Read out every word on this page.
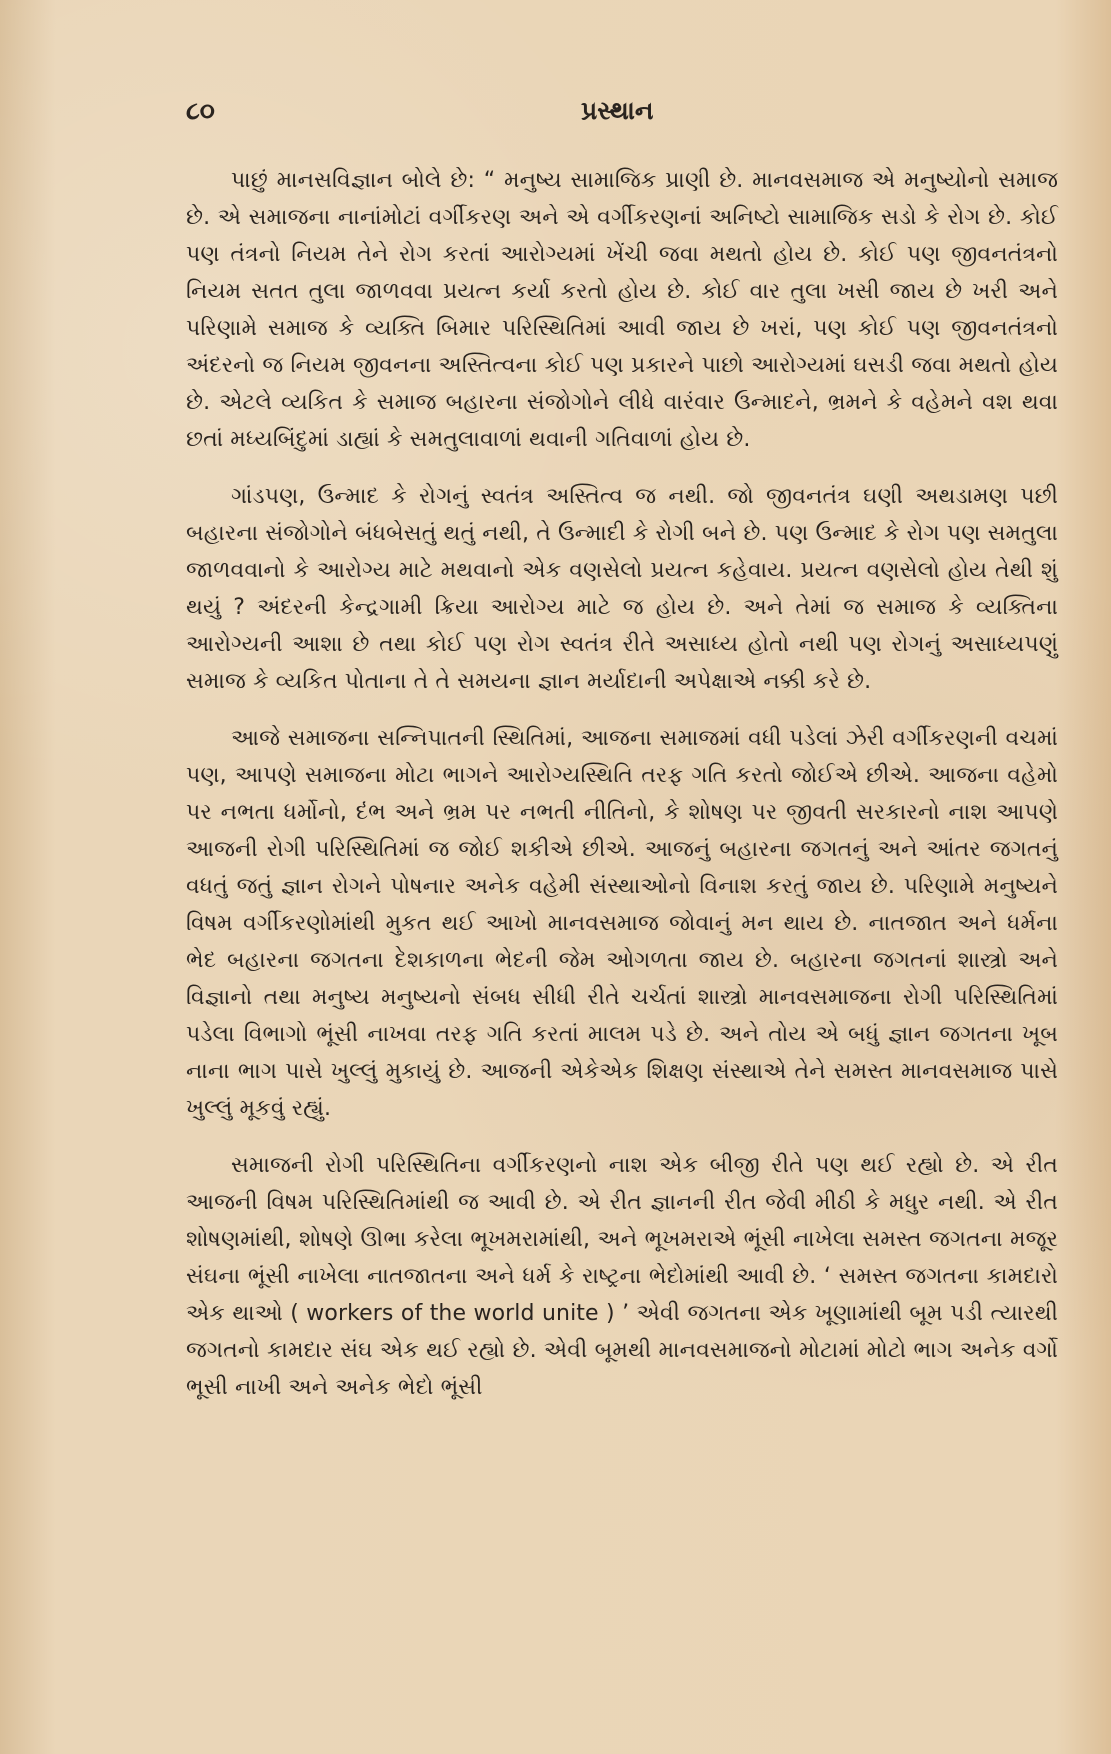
૮૦	પ્રસ્થાન

પાછું માનસવિજ્ઞાન બોલે છે: “ મનુષ્ય સામાજિક પ્રાણી છે. માનવસમાજ એ મનુષ્યોનો સમાજ છે. એ સમાજના નાનાંમોટાં વર્ગીકરણ અને એ વર્ગીકરણનાં અનિષ્ટો સામાજિક સડો કે રોગ છે. કોઈ પણ તંત્રનો નિયમ તેને રોગ કરતાં આરોગ્યમાં ખેંચી જવા મથતો હોય છે. કોઈ પણ જીવનતંત્રનો નિયમ સતત તુલા જાળવવા પ્રયત્ન કર્યા કરતો હોય છે. કોઈ વાર તુલા ખસી જાય છે ખરી અને પરિણામે સમાજ કે વ્યક્તિ બિમાર પરિસ્થિતિમાં આવી જાય છે ખરાં, પણ કોઈ પણ જીવનતંત્રનો અંદરનો જ નિયમ જીવનના અસ્તિત્વના કોઈ પણ પ્રકારને પાછો આરોગ્યમાં ઘસડી જવા મથતો હોય છે. એટલે વ્યકિત કે સમાજ બહારના સંજોગોને લીધે વારંવાર ઉન્માદને, ભ્રમને કે વહેમને વશ થવા છતાં મધ્યબિંદુમાં ડાહ્યાં કે સમતુલાવાળાં થવાની ગતિવાળાં હોય છે.

ગાંડપણ, ઉન્માદ કે રોગનું સ્વતંત્ર અસ્તિત્વ જ નથી. જો જીવનતંત્ર ઘણી અથડામણ પછી બહારના સંજોગોને બંધબેસતું થતું નથી, તે ઉન્માદી કે રોગી બને છે. પણ ઉન્માદ કે રોગ પણ સમતુલા જાળવવાનો કે આરોગ્ય માટે મથવાનો એક વણસેલો પ્રયત્ન કહેવાય. પ્રયત્ન વણસેલો હોય તેથી શું થયું ? અંદરની કેન્દ્રગામી ક્રિયા આરોગ્ય માટે જ હોય છે. અને તેમાં જ સમાજ કે વ્યક્તિના આરોગ્યની આશા છે તથા કોઈ પણ રોગ સ્વતંત્ર રીતે અસાધ્ય હોતો નથી પણ રોગનું અસાધ્યપણું સમાજ કે વ્યકિત પોતાના તે તે સમયના જ્ઞાન મર્યાદાની અપેક્ષાએ નક્કી કરે છે.

આજે સમાજના સન્નિપાતની સ્થિતિમાં, આજના સમાજમાં વધી પડેલાં ઝેરી વર્ગીકરણની વચમાં પણ, આપણે સમાજના મોટા ભાગને આરોગ્યસ્થિતિ તરફ ગતિ કરતો જોઈએ છીએ. આજના વહેમો પર નભતા ધર્મોનો, દંભ અને ભ્રમ પર નભતી નીતિનો, કે શોષણ પર જીવતી સરકારનો નાશ આપણે આજની રોગી પરિસ્થિતિમાં જ જોઈ શકીએ છીએ. આજનું બહારના જગતનું અને આંતર જગતનું વધતું જતું જ્ઞાન રોગને પોષનાર અનેક વહેમી સંસ્થાઓનો વિનાશ કરતું જાય છે. પરિણામે મનુષ્યને વિષમ વર્ગીકરણોમાંથી મુકત થઈ આખો માનવસમાજ જોવાનું મન થાય છે. નાતજાત અને ધર્મના ભેદ બહારના જગતના દેશકાળના ભેદની જેમ ઓગળતા જાય છે. બહારના જગતનાં શાસ્ત્રો અને વિજ્ઞાનો તથા મનુષ્ય મનુષ્યનો સંબધ સીધી રીતે ચર્ચતાં શાસ્ત્રો માનવસમાજના રોગી પરિસ્થિતિમાં પડેલા વિભાગો ભૂંસી નાખવા તરફ ગતિ કરતાં માલમ પડે છે. અને તોય એ બધું જ્ઞાન જગતના ખૂબ નાના ભાગ પાસે ખુલ્લું મુકાયું છે. આજની એકેએક શિક્ષણ સંસ્થાએ તેને સમસ્ત માનવસમાજ પાસે ખુલ્લું મૂકવું રહ્યું.

સમાજની રોગી પરિસ્થિતિના વર્ગીકરણનો નાશ એક બીજી રીતે પણ થઈ રહ્યો છે. એ રીત આજની વિષમ પરિસ્થિતિમાંથી જ આવી છે. એ રીત જ્ઞાનની રીત જેવી મીઠી કે મધુર નથી. એ રીત શોષણમાંથી, શોષણે ઊભા કરેલા ભૂખમરામાંથી, અને ભૂખમરાએ ભૂંસી નાખેલા સમસ્ત જગતના મજૂર સંઘના ભૂંસી નાખેલા નાતજાતના અને ધર્મ કે રાષ્ટ્રના ભેદોમાંથી આવી છે. ‘ સમસ્ત જગતના કામદારો એક થાઓ ( workers of the world unite ) ’ એવી જગતના એક ખૂણામાંથી બૂમ પડી ત્યારથી જગતનો કામદાર સંઘ એક થઈ રહ્યો છે. એવી બૂમથી માનવસમાજનો મોટામાં મોટો ભાગ અનેક વર્ગો ભૂસી નાખી અને અનેક ભેદો ભૂંસી
